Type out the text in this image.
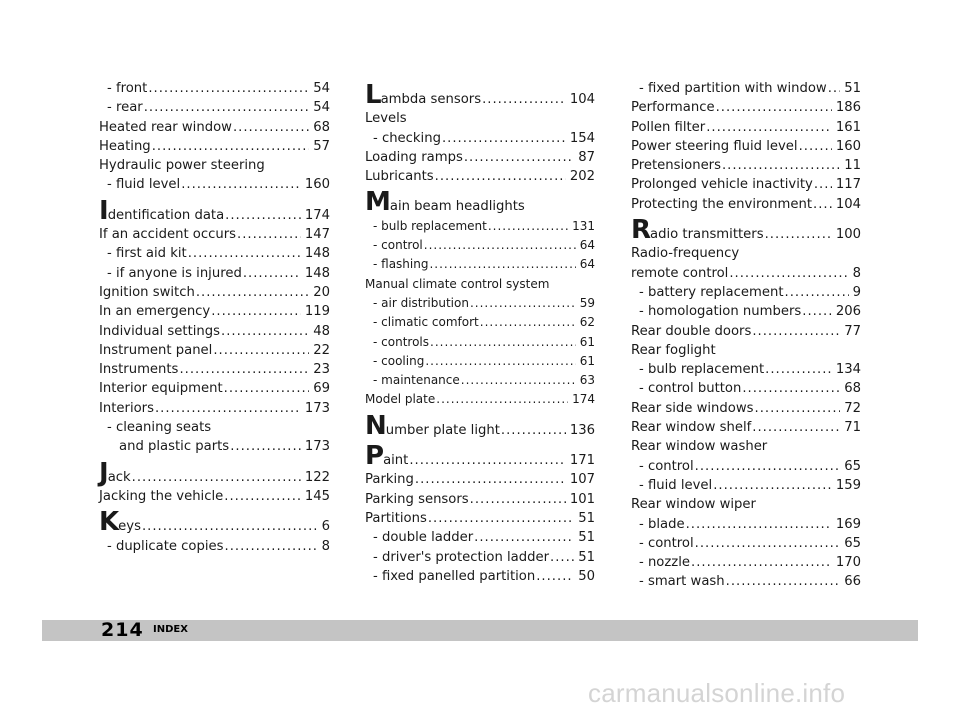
- front .....	54
- rear .....	54
Heated rear window .....	68
Heating .....	57
Hydraulic power steering
- fluid level .....	160
Identification data .....	174
If an accident occurs .....	147
- first aid kit .....	148
- if anyone is injured .....	148
Ignition switch .....	20
In an emergency .....	119
Individual settings .....	48
Instrument panel .....	22
Instruments .....	23
Interior equipment .....	69
Interiors .....	173
- cleaning seats
and plastic parts .....	173
Jack .....	122
Jacking the vehicle .....	145
Keys .....	6
- duplicate copies .....	8
Lambda sensors .....	104
Levels
- checking .....	154
Loading ramps .....	87
Lubricants .....	202
Main beam headlights
- bulb replacement .....	131
- control .....	64
- flashing .....	64
Manual climate control system
- air distribution .....	59
- climatic comfort .....	62
- controls .....	61
- cooling .....	61
- maintenance .....	63
Model plate .....	174
Number plate light .....	136
Paint .....	171
Parking .....	107
Parking sensors .....	101
Partitions .....	51
- double ladder .....	51
- driver's protection ladder ..... 51
- fixed panelled partition .....	50
- fixed partition with window ..... 51
Performance .....	186
Pollen filter .....	161
Power steering fluid level .....	160
Pretensioners .....	11
Prolonged vehicle inactivity ..... 117
Protecting the environment ..... 104
Radio transmitters .....	100
Radio-frequency
remote control .....	8
- battery replacement .....	9
- homologation numbers .....	206
Rear double doors .....	77
Rear foglight
- bulb replacement .....	134
- control button .....	68
Rear side windows .....	72
Rear window shelf .....	71
Rear window washer
- control .....	65
- fluid level .....	159
Rear window wiper
- blade .....	169
- control .....	65
- nozzle .....	170
- smart wash .....	66
214 INDEX
carmanualsonline.info
